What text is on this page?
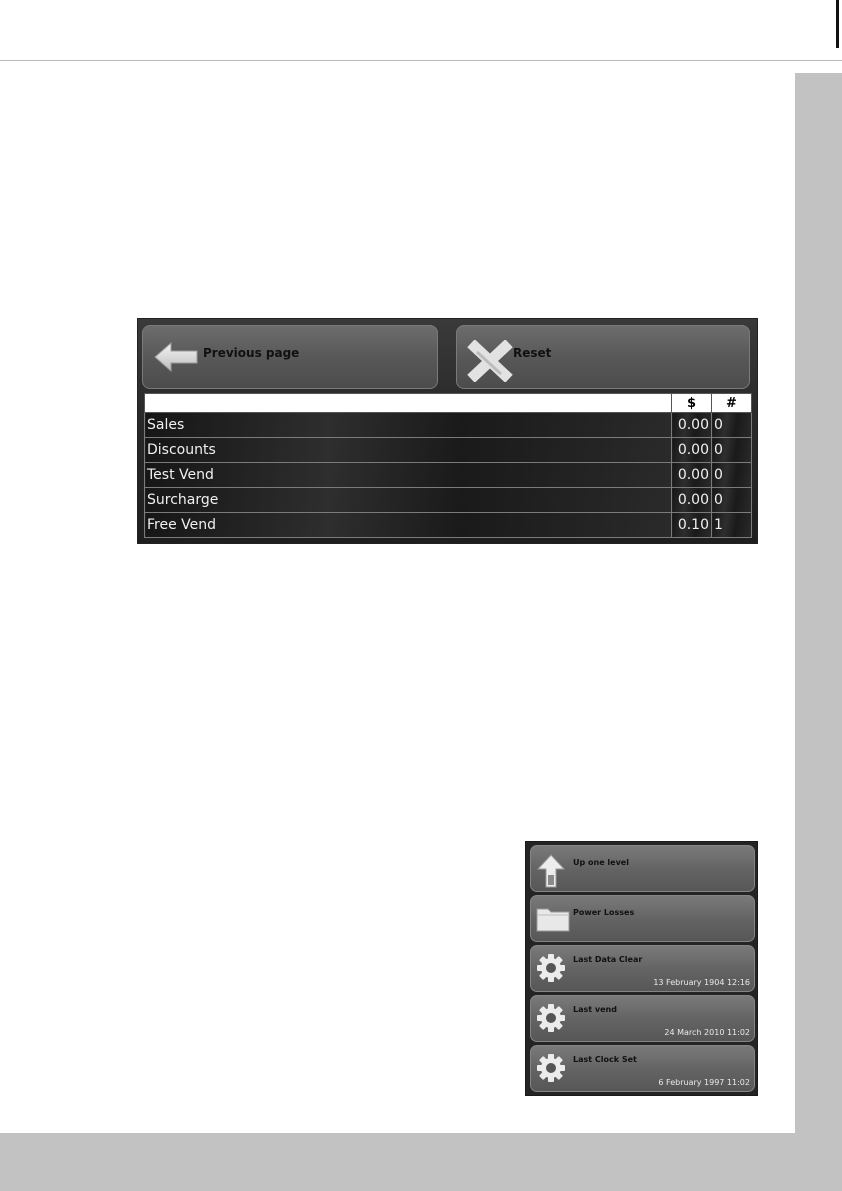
Previous page	Reset
	$	#
Sales	0.00	0
Discounts	0.00	0
Test Vend	0.00	0
Surcharge	0.00	0
Free Vend	0.10	1
Up one level
Power Losses
Last Data Clear
13 February 1904 12:16
Last vend
24 March 2010 11:02
Last Clock Set
6 February 1997 11:02
